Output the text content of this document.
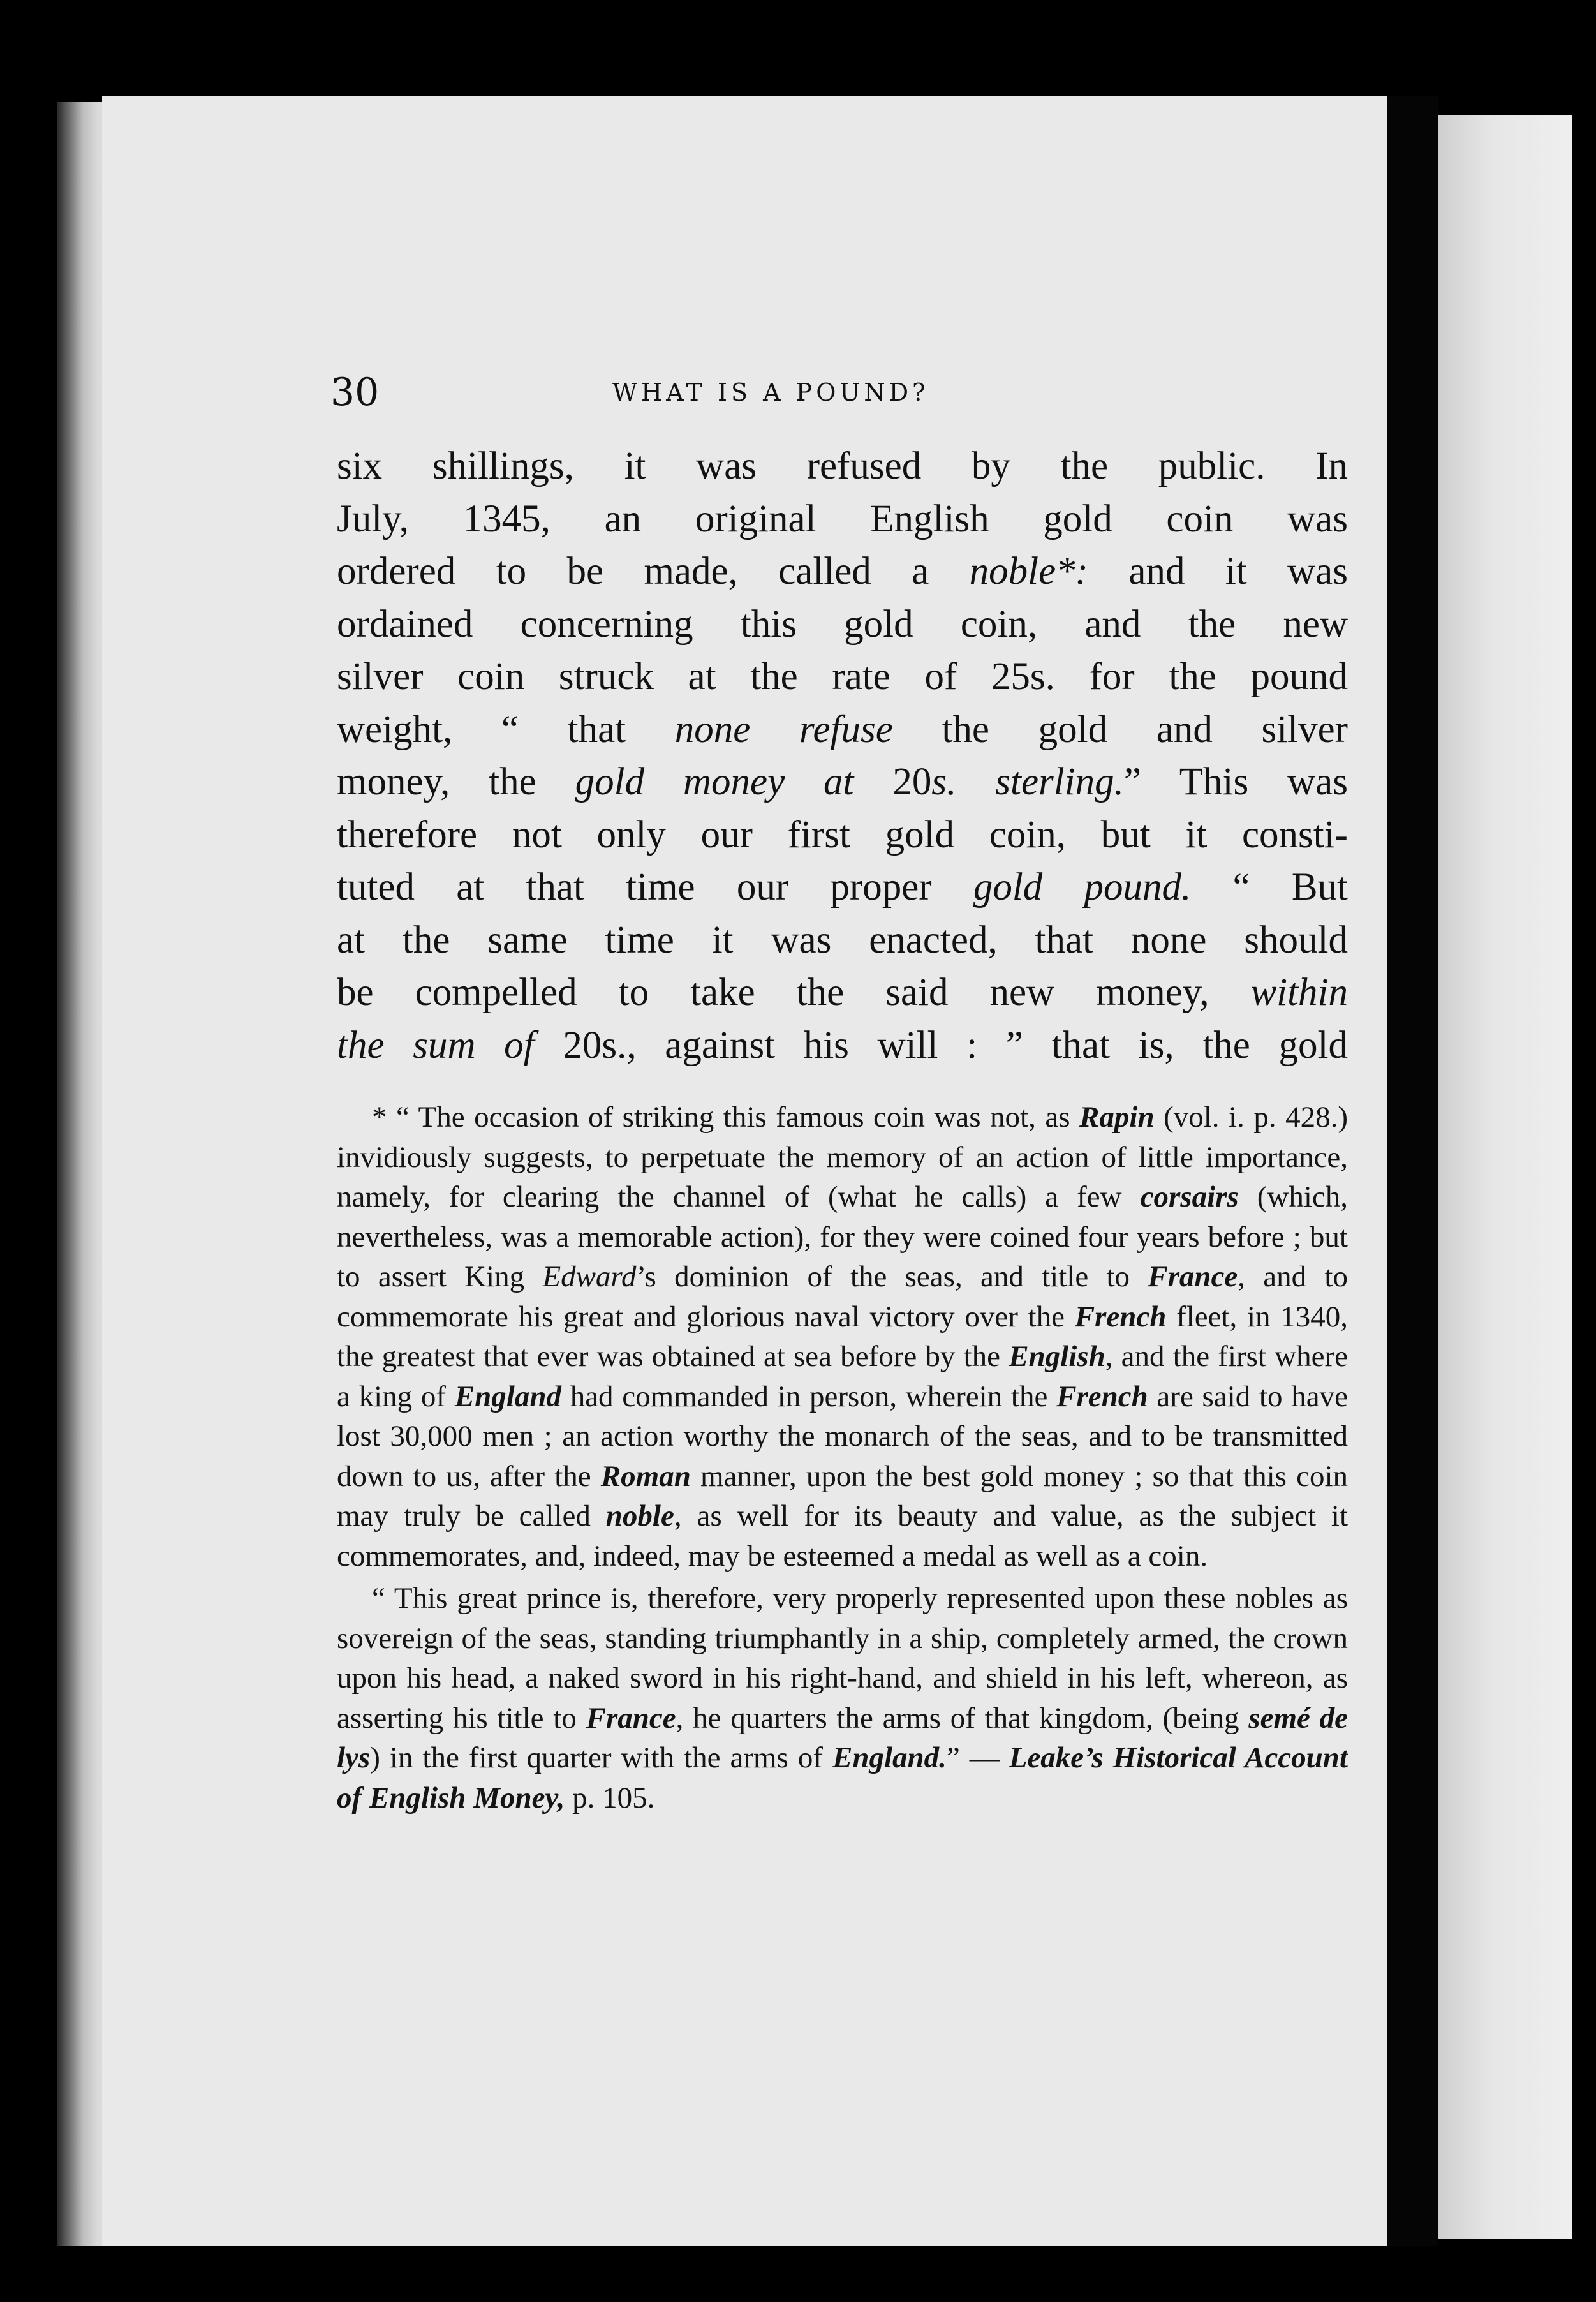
30	WHAT IS A POUND?
six shillings, it was refused by the public. In
July, 1345, an original English gold coin was
ordered to be made, called a noble*: and it was
ordained concerning this gold coin, and the new
silver coin struck at the rate of 25s. for the pound
weight, “ that none refuse the gold and silver
money, the gold money at 20s. sterling.” This was
therefore not only our first gold coin, but it consti-
tuted at that time our proper gold pound. “ But
at the same time it was enacted, that none should
be compelled to take the said new money, within
the sum of 20s., against his will : ” that is, the gold

* “ The occasion of striking this famous coin was not, as Rapin (vol. i. p. 428.) invidiously suggests, to perpetuate the memory of an action of little importance, namely, for clearing the channel of (what he calls) a few corsairs (which, nevertheless, was a memorable action), for they were coined four years before ; but to assert King Edward’s dominion of the seas, and title to France, and to commemorate his great and glorious naval victory over the French fleet, in 1340, the greatest that ever was obtained at sea before by the English, and the first where a king of England had commanded in person, wherein the French are said to have lost 30,000 men ; an action worthy the monarch of the seas, and to be transmitted down to us, after the Roman manner, upon the best gold money ; so that this coin may truly be called noble, as well for its beauty and value, as the subject it commemorates, and, indeed, may be esteemed a medal as well as a coin.

“ This great prince is, therefore, very properly represented upon these nobles as sovereign of the seas, standing triumphantly in a ship, completely armed, the crown upon his head, a naked sword in his right-hand, and shield in his left, whereon, as asserting his title to France, he quarters the arms of that kingdom, (being semé de lys) in the first quarter with the arms of England.” — Leake’s Historical Account of English Money, p. 105.
